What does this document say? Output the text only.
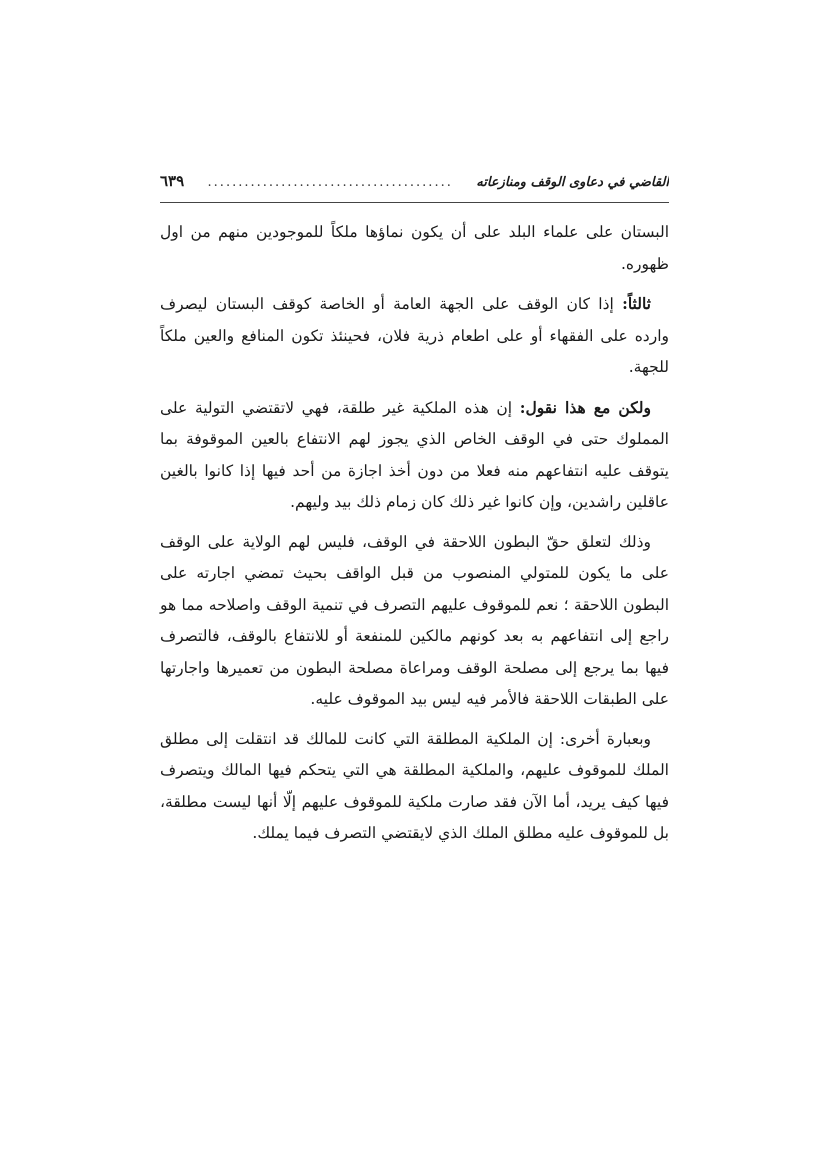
القاضي في دعاوى الوقف ومنازعاته
........................................
٦٣٩

البستان على علماء البلد على أن يكون نماؤها ملكاً للموجودين منهم من اول ظهوره.

ثالثاً: إذا كان الوقف على الجهة العامة أو الخاصة كوقف البستان ليصرف وارده على الفقهاء أو على اطعام ذرية فلان، فحينئذ تكون المنافع والعين ملكاً للجهة.

ولكن مع هذا نقول: إن هذه الملكية غير طلقة، فهي لاتقتضي التولية على المملوك حتى في الوقف الخاص الذي يجوز لهم الانتفاع بالعين الموقوفة بما يتوقف عليه انتفاعهم منه فعلا من دون أخذ اجازة من أحد فيها إذا كانوا بالغين عاقلين راشدين، وإن كانوا غير ذلك كان زمام ذلك بيد وليهم.

وذلك لتعلق حقّ البطون اللاحقة في الوقف، فليس لهم الولاية على الوقف على ما يكون للمتولي المنصوب من قبل الواقف بحيث تمضي اجارته على البطون اللاحقة ؛ نعم للموقوف عليهم التصرف في تنمية الوقف واصلاحه مما هو راجع إلى انتفاعهم به بعد كونهم مالكين للمنفعة أو للانتفاع بالوقف، فالتصرف فيها بما يرجع إلى مصلحة الوقف ومراعاة مصلحة البطون من تعميرها واجارتها على الطبقات اللاحقة فالأمر فيه ليس بيد الموقوف عليه.

وبعبارة أخرى: إن الملكية المطلقة التي كانت للمالك قد انتقلت إلى مطلق الملك للموقوف عليهم، والملكية المطلقة هي التي يتحكم فيها المالك ويتصرف فيها كيف يريد، أما الآن فقد صارت ملكية للموقوف عليهم إلّا أنها ليست مطلقة، بل للموقوف عليه مطلق الملك الذي لايقتضي التصرف فيما يملك.
